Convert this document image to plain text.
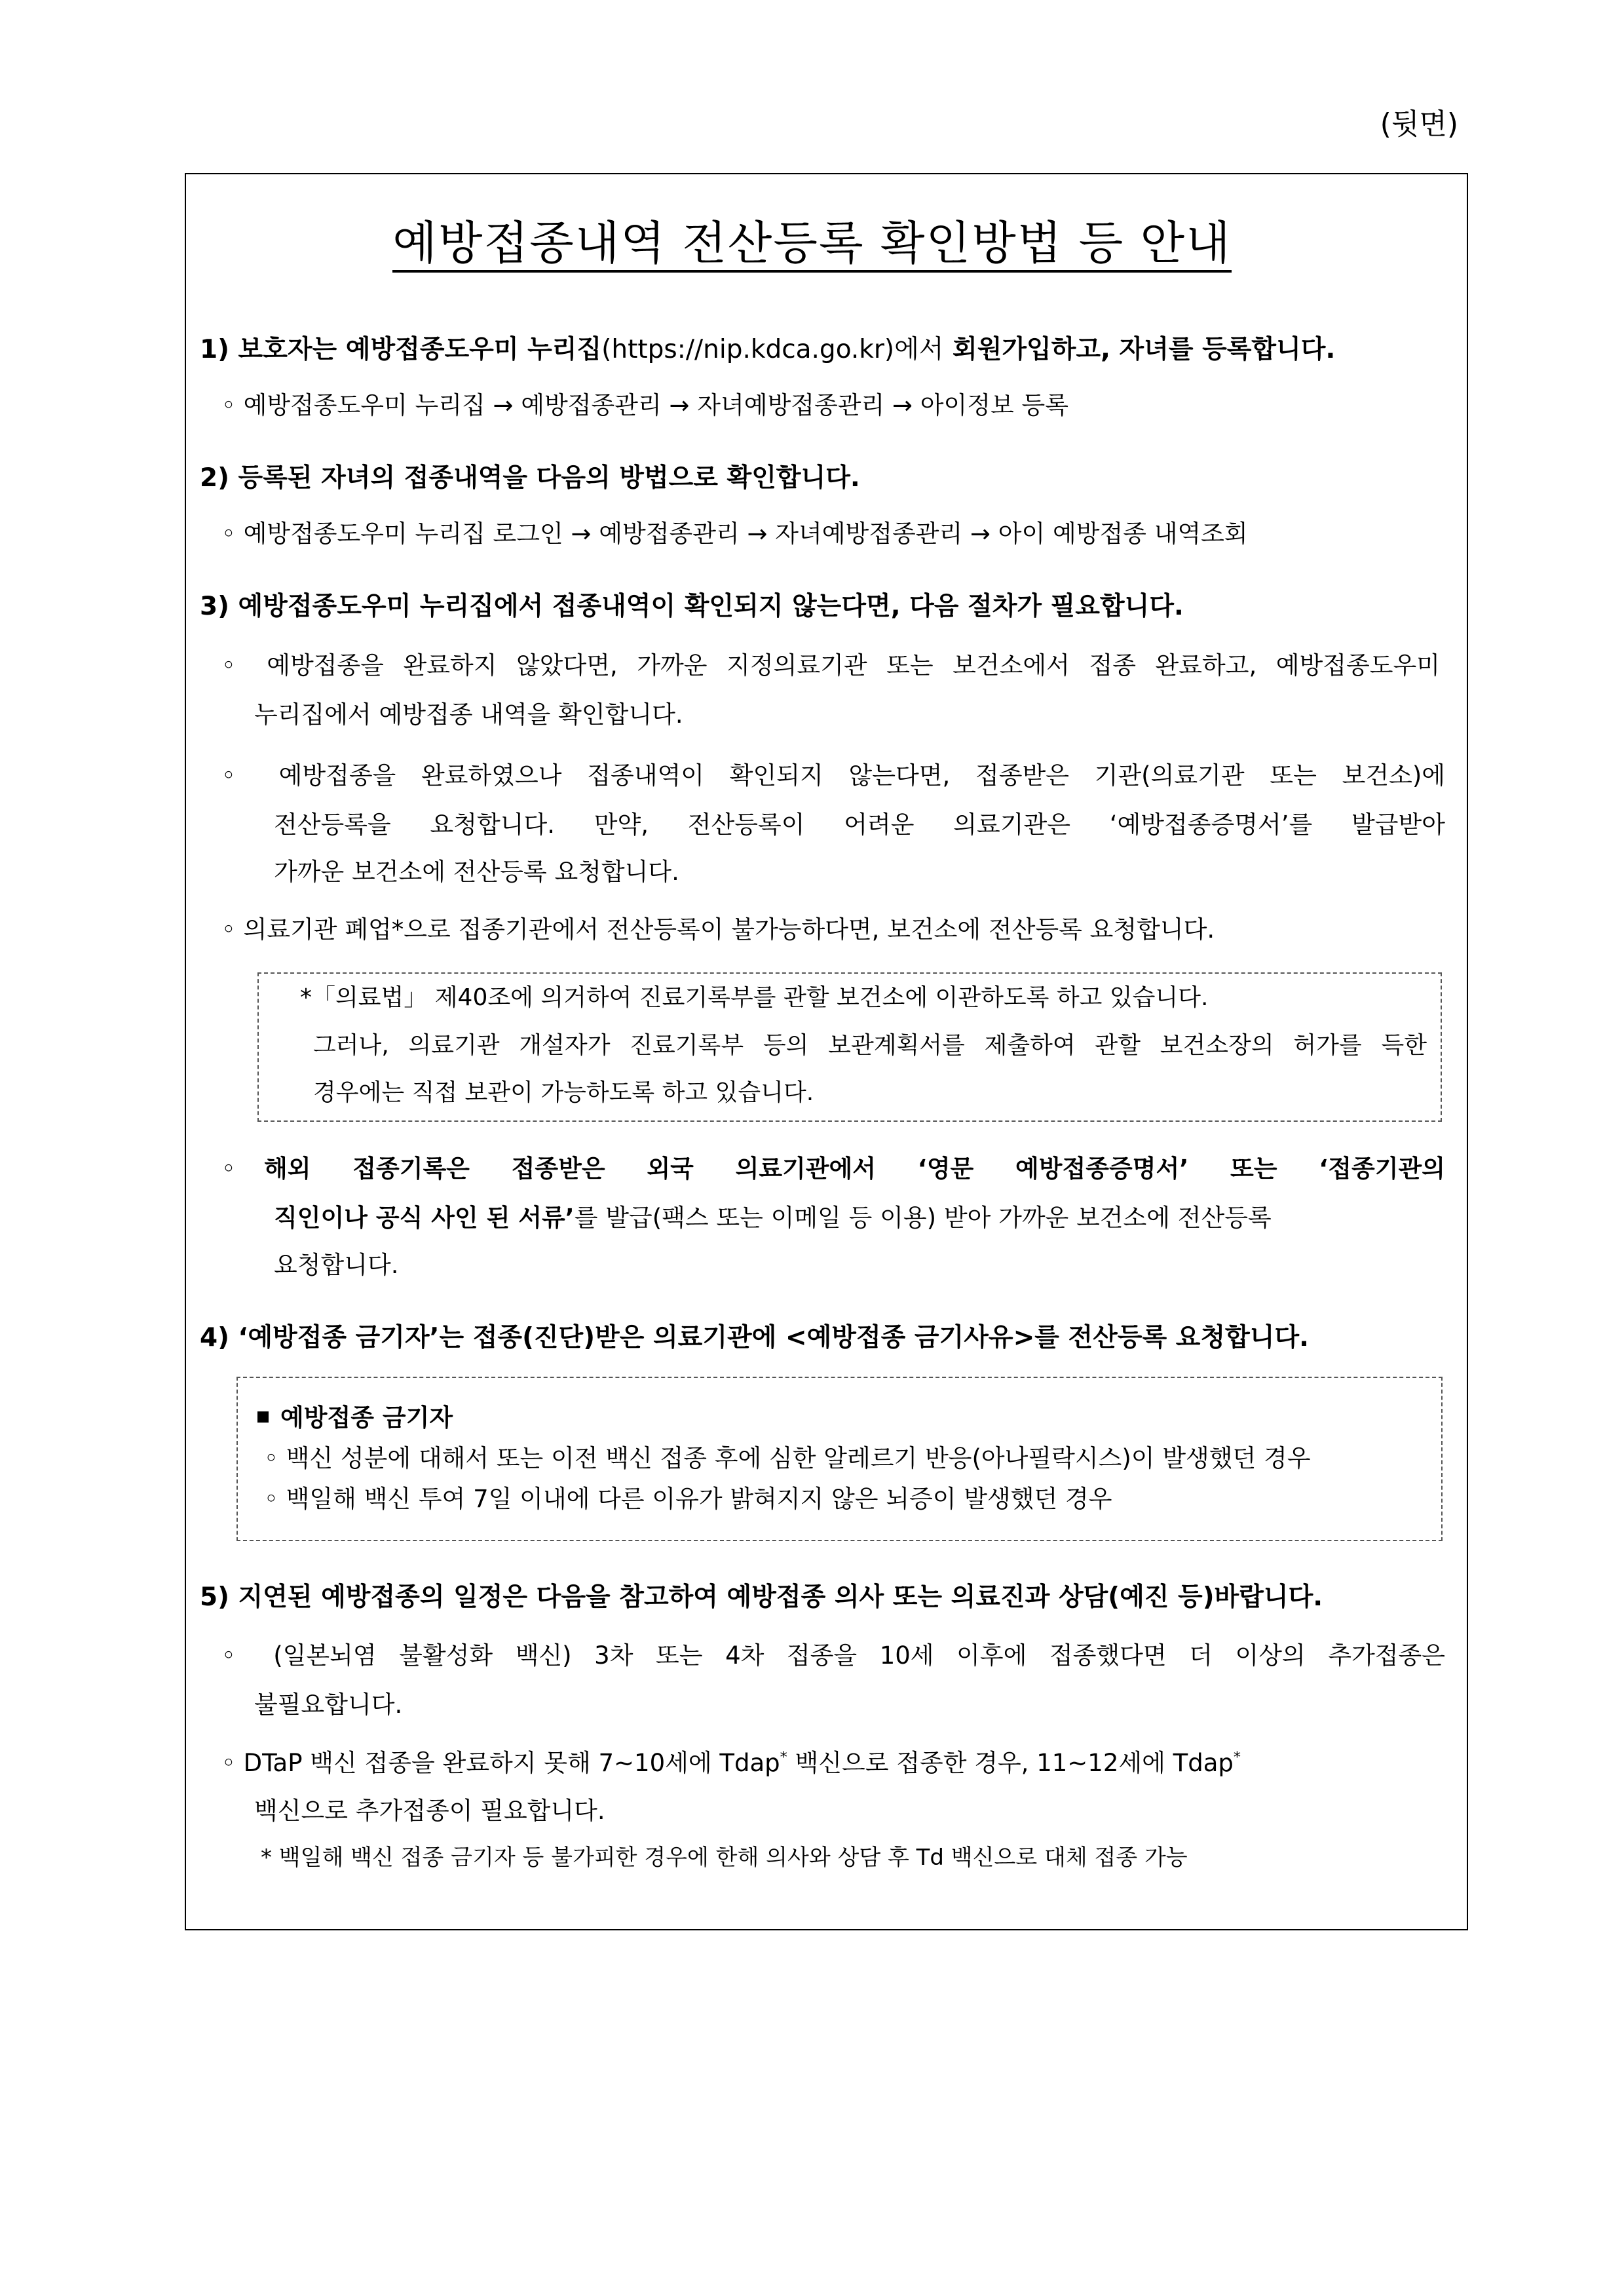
(뒷면)
예방접종내역 전산등록 확인방법 등 안내
1) 보호자는 예방접종도우미 누리집(https://nip.kdca.go.kr)에서 회원가입하고, 자녀를 등록합니다.
◦ 예방접종도우미 누리집 → 예방접종관리 → 자녀예방접종관리 → 아이정보 등록
2) 등록된 자녀의 접종내역을 다음의 방법으로 확인합니다.
◦ 예방접종도우미 누리집 로그인 → 예방접종관리 → 자녀예방접종관리 → 아이 예방접종 내역조회
3) 예방접종도우미 누리집에서 접종내역이 확인되지 않는다면, 다음 절차가 필요합니다.
◦ 예방접종을 완료하지 않았다면, 가까운 지정의료기관 또는 보건소에서 접종 완료하고, 예방접종도우미
누리집에서 예방접종 내역을 확인합니다.
◦ 예방접종을 완료하였으나 접종내역이 확인되지 않는다면, 접종받은 기관(의료기관 또는 보건소)에
전산등록을 요청합니다. 만약, 전산등록이 어려운 의료기관은 ‘예방접종증명서’를 발급받아
가까운 보건소에 전산등록 요청합니다.
◦ 의료기관 폐업*으로 접종기관에서 전산등록이 불가능하다면, 보건소에 전산등록 요청합니다.
*「의료법」 제40조에 의거하여 진료기록부를 관할 보건소에 이관하도록 하고 있습니다.
그러나, 의료기관 개설자가 진료기록부 등의 보관계획서를 제출하여 관할 보건소장의 허가를 득한
경우에는 직접 보관이 가능하도록 하고 있습니다.
◦ 해외 접종기록은 접종받은 외국 의료기관에서 ‘영문 예방접종증명서’ 또는 ‘접종기관의
직인이나 공식 사인 된 서류’를 발급(팩스 또는 이메일 등 이용) 받아 가까운 보건소에 전산등록
요청합니다.
4) ‘예방접종 금기자’는 접종(진단)받은 의료기관에 <예방접종 금기사유>를 전산등록 요청합니다.
예방접종 금기자
◦ 백신 성분에 대해서 또는 이전 백신 접종 후에 심한 알레르기 반응(아나필락시스)이 발생했던 경우
◦ 백일해 백신 투여 7일 이내에 다른 이유가 밝혀지지 않은 뇌증이 발생했던 경우
5) 지연된 예방접종의 일정은 다음을 참고하여 예방접종 의사 또는 의료진과 상담(예진 등)바랍니다.
◦ (일본뇌염 불활성화 백신) 3차 또는 4차 접종을 10세 이후에 접종했다면 더 이상의 추가접종은
불필요합니다.
◦ DTaP 백신 접종을 완료하지 못해 7∼10세에 Tdap* 백신으로 접종한 경우, 11∼12세에 Tdap*
백신으로 추가접종이 필요합니다.
* 백일해 백신 접종 금기자 등 불가피한 경우에 한해 의사와 상담 후 Td 백신으로 대체 접종 가능
